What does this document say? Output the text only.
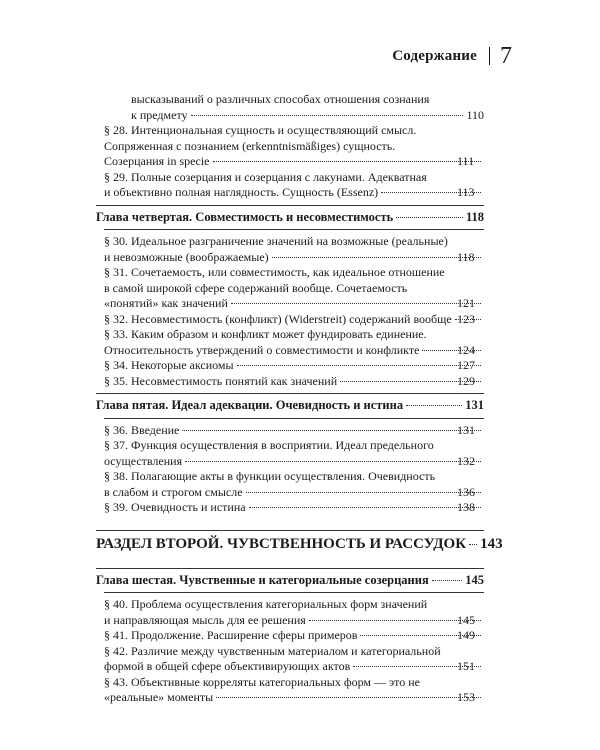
Содержание 7
высказываний о различных способах отношения сознания
к предмету	110
§ 28. Интенциональная сущность и осуществляющий смысл.
Сопряженная с познанием (erkenntnismäßiges) сущность.
Созерцания in specie	111
§ 29. Полные созерцания и созерцания с лакунами. Адекватная
и объективно полная наглядность. Сущность (Essenz)	113
Глава четвертая. Совместимость и несовместимость	118
§ 30. Идеальное разграничение значений на возможные (реальные)
и невозможные (воображаемые)	118
§ 31. Сочетаемость, или совместимость, как идеальное отношение
в самой широкой сфере содержаний вообще. Сочетаемость
«понятий» как значений	121
§ 32. Несовместимость (конфликт) (Widerstreit) содержаний вообще 123
§ 33. Каким образом и конфликт может фундировать единение.
Относительность утверждений о совместимости и конфликте	124
§ 34. Некоторые аксиомы	127
§ 35. Несовместимость понятий как значений	129
Глава пятая. Идеал адеквации. Очевидность и истина	131
§ 36. Введение	131
§ 37. Функция осуществления в восприятии. Идеал предельного
осуществления	132
§ 38. Полагающие акты в функции осуществления. Очевидность
в слабом и строгом смысле	136
§ 39. Очевидность и истина	138
РАЗДЕЛ ВТОРОЙ. ЧУВСТВЕННОСТЬ И РАССУДОК 143
Глава шестая. Чувственные и категориальные созерцания	145
§ 40. Проблема осуществления категориальных форм значений
и направляющая мысль для ее решения	145
§ 41. Продолжение. Расширение сферы примеров	149
§ 42. Различие между чувственным материалом и категориальной
формой в общей сфере объективирующих актов	151
§ 43. Объективные корреляты категориальных форм — это не
«реальные» моменты	153
